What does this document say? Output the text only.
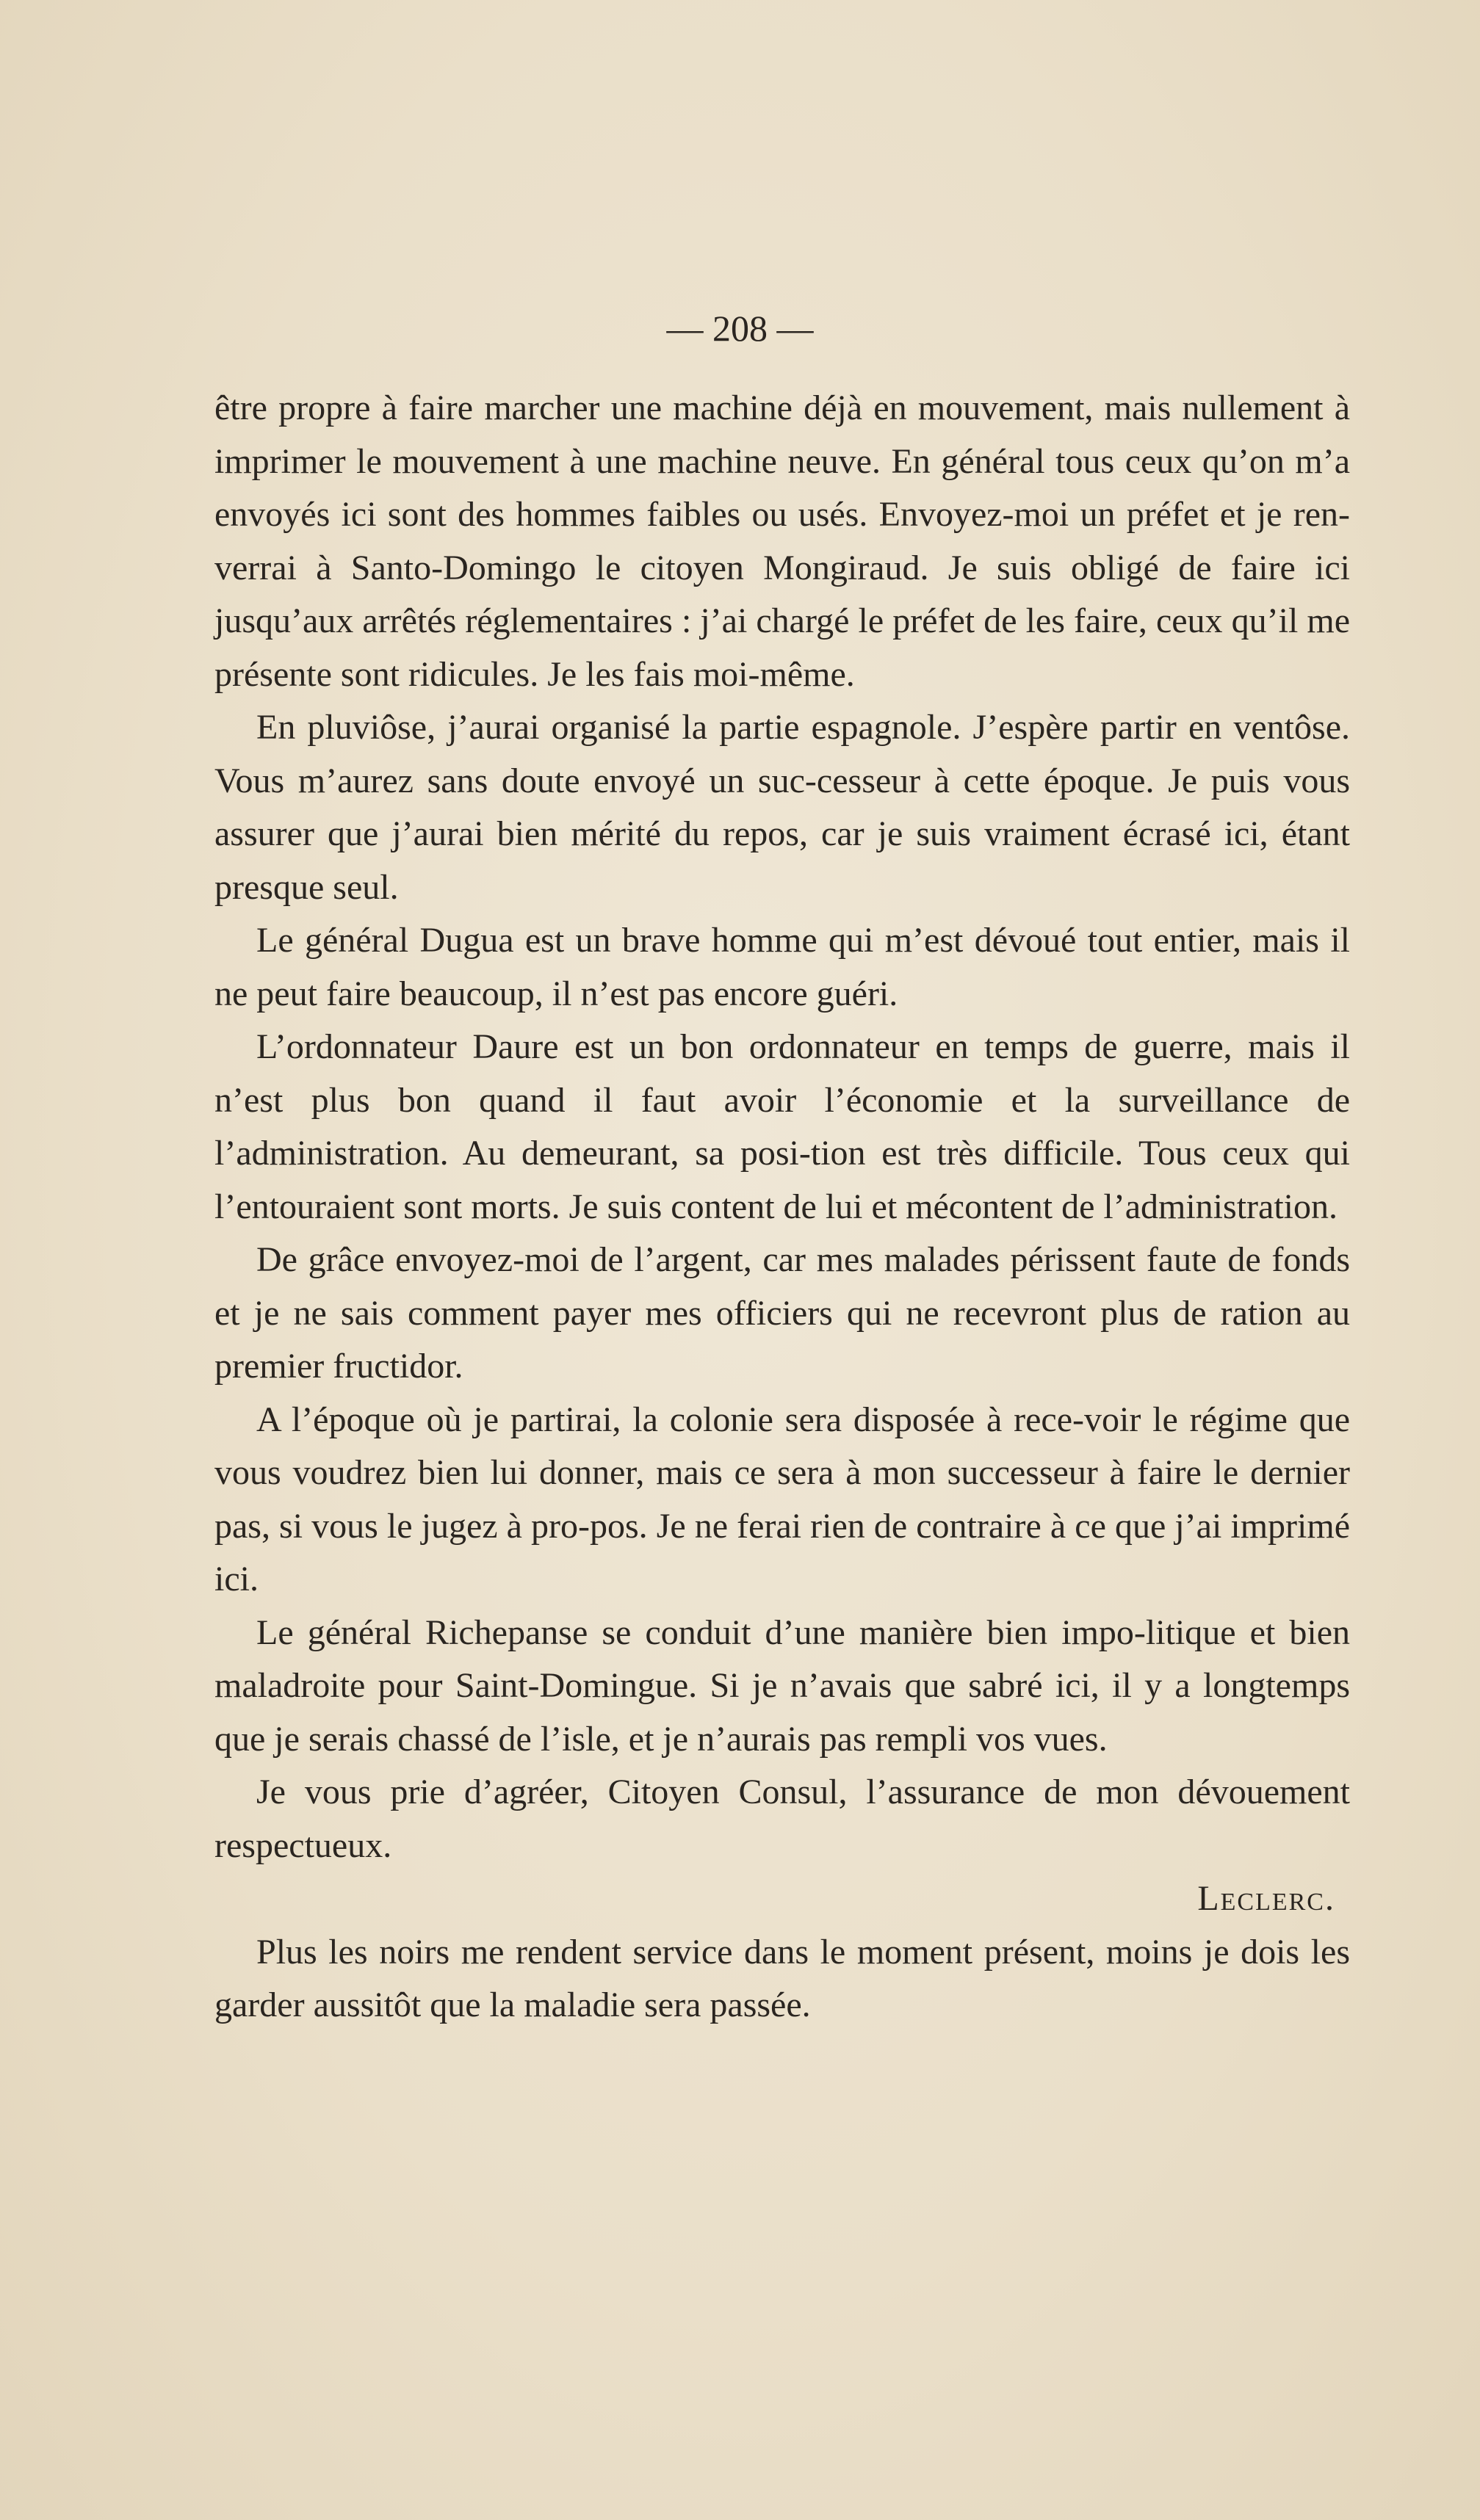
— 208 —

être propre à faire marcher une machine déjà en mouvement, mais nullement à imprimer le mouvement à une machine neuve. En général tous ceux qu’on m’a envoyés ici sont des hommes faibles ou usés. Envoyez-moi un préfet et je ren-verrai à Santo-Domingo le citoyen Mongiraud. Je suis obligé de faire ici jusqu’aux arrêtés réglementaires : j’ai chargé le préfet de les faire, ceux qu’il me présente sont ridicules. Je les fais moi-même.

En pluviôse, j’aurai organisé la partie espagnole. J’espère partir en ventôse. Vous m’aurez sans doute envoyé un suc-cesseur à cette époque. Je puis vous assurer que j’aurai bien mérité du repos, car je suis vraiment écrasé ici, étant presque seul.

Le général Dugua est un brave homme qui m’est dévoué tout entier, mais il ne peut faire beaucoup, il n’est pas encore guéri.

L’ordonnateur Daure est un bon ordonnateur en temps de guerre, mais il n’est plus bon quand il faut avoir l’économie et la surveillance de l’administration. Au demeurant, sa posi-tion est très difficile. Tous ceux qui l’entouraient sont morts. Je suis content de lui et mécontent de l’administration.

De grâce envoyez-moi de l’argent, car mes malades périssent faute de fonds et je ne sais comment payer mes officiers qui ne recevront plus de ration au premier fructidor.

A l’époque où je partirai, la colonie sera disposée à rece-voir le régime que vous voudrez bien lui donner, mais ce sera à mon successeur à faire le dernier pas, si vous le jugez à pro-pos. Je ne ferai rien de contraire à ce que j’ai imprimé ici.

Le général Richepanse se conduit d’une manière bien impo-litique et bien maladroite pour Saint-Domingue. Si je n’avais que sabré ici, il y a longtemps que je serais chassé de l’isle, et je n’aurais pas rempli vos vues.

Je vous prie d’agréer, Citoyen Consul, l’assurance de mon dévouement respectueux.

Leclerc.

Plus les noirs me rendent service dans le moment présent, moins je dois les garder aussitôt que la maladie sera passée.
